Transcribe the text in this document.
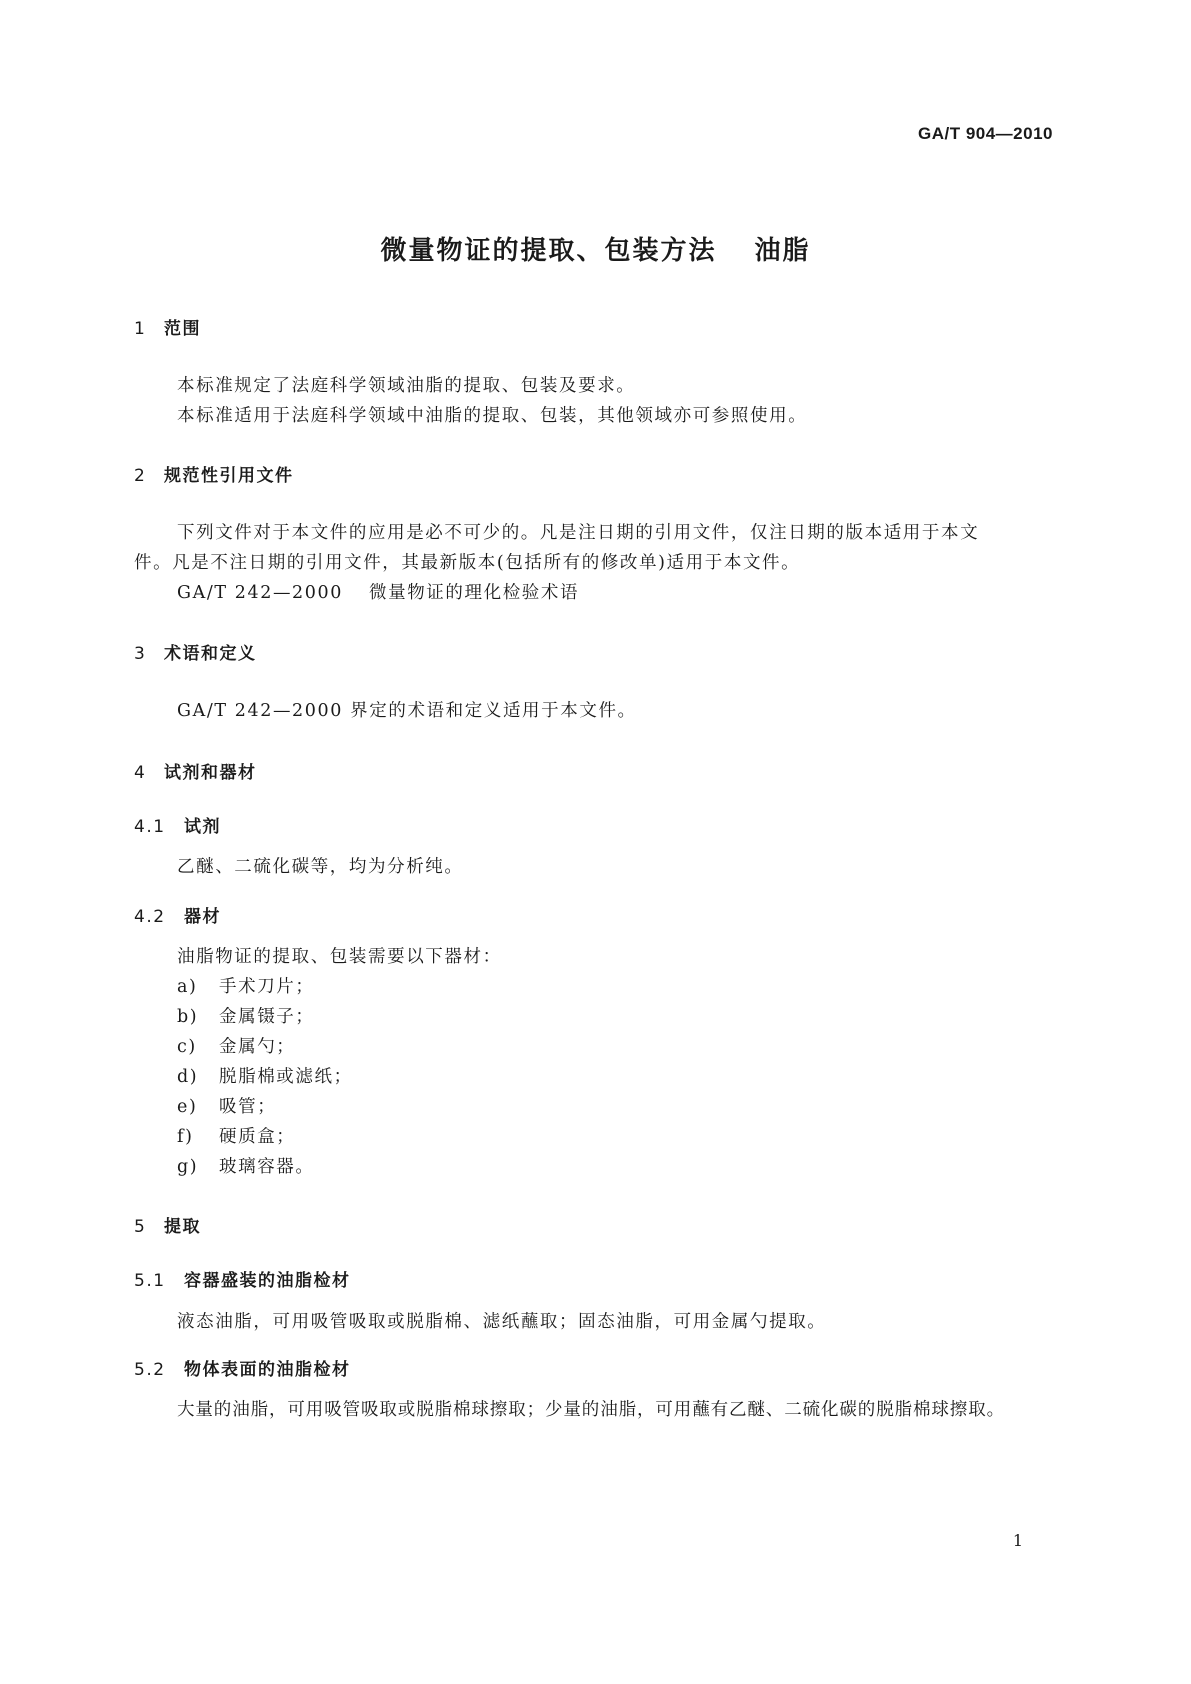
GA/T 904—2010
微量物证的提取、包装方法 油脂
1 范围
本标准规定了法庭科学领域油脂的提取、包装及要求。
本标准适用于法庭科学领域中油脂的提取、包装，其他领域亦可参照使用。
2 规范性引用文件
下列文件对于本文件的应用是必不可少的。凡是注日期的引用文件，仅注日期的版本适用于本文
件。凡是不注日期的引用文件，其最新版本(包括所有的修改单)适用于本文件。
GA/T 242—2000 微量物证的理化检验术语
3 术语和定义
GA/T 242—2000 界定的术语和定义适用于本文件。
4 试剂和器材
4.1 试剂
乙醚、二硫化碳等，均为分析纯。
4.2 器材
油脂物证的提取、包装需要以下器材：
a) 手术刀片；
b) 金属镊子；
c) 金属勺；
d) 脱脂棉或滤纸；
e) 吸管；
f) 硬质盒；
g) 玻璃容器。
5 提取
5.1 容器盛装的油脂检材
液态油脂，可用吸管吸取或脱脂棉、滤纸蘸取；固态油脂，可用金属勺提取。
5.2 物体表面的油脂检材
大量的油脂，可用吸管吸取或脱脂棉球擦取；少量的油脂，可用蘸有乙醚、二硫化碳的脱脂棉球擦取。
1
